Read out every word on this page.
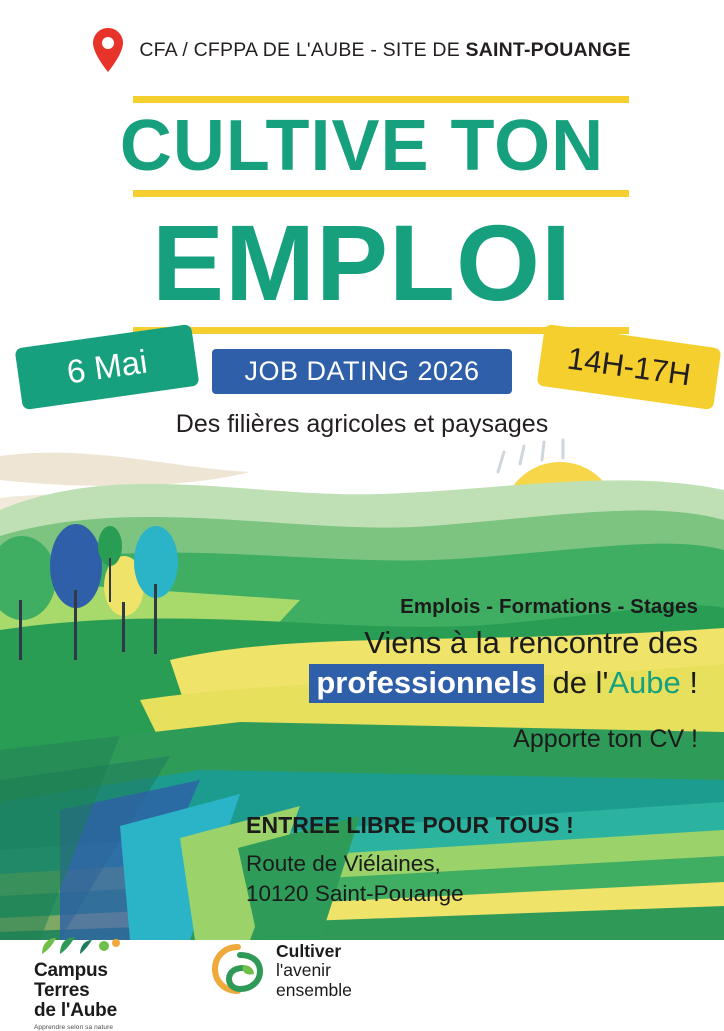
CFA / CFPPA DE L'AUBE - SITE DE SAINT-POUANGE
CULTIVE TON
EMPLOI
6 Mai	JOB DATING 2026	14H-17H
Des filières agricoles et paysages
Emplois - Formations - Stages
Viens à la rencontre des
professionnels de l'Aube !
Apporte ton CV !
ENTREE LIBRE POUR TOUS !
Route de Viélaines,
10120 Saint-Pouange
Campus
Terres
de l'Aube
Apprendre selon sa nature
Cultiver
l'avenir
ensemble
